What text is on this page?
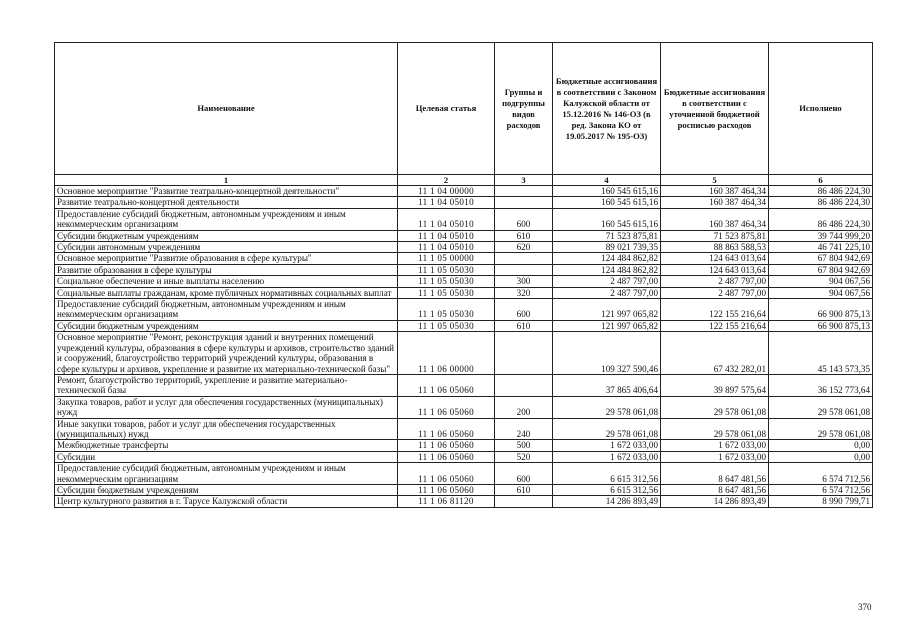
Наименование	Целевая статья	Группы и подгруппы видов расходов	Бюджетные ассигнования в соответствии с Законом Калужской области от 15.12.2016 № 146-ОЗ (в ред. Закона КО от 19.05.2017 № 195-ОЗ)	Бюджетные ассигнования в соответствии с уточненной бюджетной росписью расходов	Исполнено
1	2	3	4	5	6
Основное мероприятие "Развитие театрально-концертной деятельности"	11 1 04 00000		160 545 615,16	160 387 464,34	86 486 224,30
Развитие театрально-концертной деятельности	11 1 04 05010		160 545 615,16	160 387 464,34	86 486 224,30
Предоставление субсидий бюджетным, автономным учреждениям и иным некоммерческим организациям	11 1 04 05010	600	160 545 615,16	160 387 464,34	86 486 224,30
Субсидии бюджетным учреждениям	11 1 04 05010	610	71 523 875,81	71 523 875,81	39 744 999,20
Субсидии автономным учреждениям	11 1 04 05010	620	89 021 739,35	88 863 588,53	46 741 225,10
Основное мероприятие "Развитие образования в сфере культуры"	11 1 05 00000		124 484 862,82	124 643 013,64	67 804 942,69
Развитие образования в сфере культуры	11 1 05 05030		124 484 862,82	124 643 013,64	67 804 942,69
Социальное обеспечение и иные выплаты населению	11 1 05 05030	300	2 487 797,00	2 487 797,00	904 067,56
Социальные выплаты гражданам, кроме публичных нормативных социальных выплат	11 1 05 05030	320	2 487 797,00	2 487 797,00	904 067,56
Предоставление субсидий бюджетным, автономным учреждениям и иным некоммерческим организациям	11 1 05 05030	600	121 997 065,82	122 155 216,64	66 900 875,13
Субсидии бюджетным учреждениям	11 1 05 05030	610	121 997 065,82	122 155 216,64	66 900 875,13
Основное мероприятие "Ремонт, реконструкция зданий и внутренних помещений учреждений культуры, образования в сфере культуры и архивов, строительство зданий и сооружений, благоустройство территорий учреждений культуры, образования в сфере культуры и архивов, укрепление и развитие их материально-технической базы"	11 1 06 00000		109 327 590,46	67 432 282,01	45 143 573,35
Ремонт, благоустройство территорий, укрепление и развитие материально-технической базы	11 1 06 05060		37 865 406,64	39 897 575,64	36 152 773,64
Закупка товаров, работ и услуг для обеспечения государственных (муниципальных) нужд	11 1 06 05060	200	29 578 061,08	29 578 061,08	29 578 061,08
Иные закупки товаров, работ и услуг для обеспечения государственных (муниципальных) нужд	11 1 06 05060	240	29 578 061,08	29 578 061,08	29 578 061,08
Межбюджетные трансферты	11 1 06 05060	500	1 672 033,00	1 672 033,00	0,00
Субсидии	11 1 06 05060	520	1 672 033,00	1 672 033,00	0,00
Предоставление субсидий бюджетным, автономным учреждениям и иным некоммерческим организациям	11 1 06 05060	600	6 615 312,56	8 647 481,56	6 574 712,56
Субсидии бюджетным учреждениям	11 1 06 05060	610	6 615 312,56	8 647 481,56	6 574 712,56
Центр культурного развития в г. Тарусе Калужской области	11 1 06 81120		14 286 893,49	14 286 893,49	8 990 799,71
370
